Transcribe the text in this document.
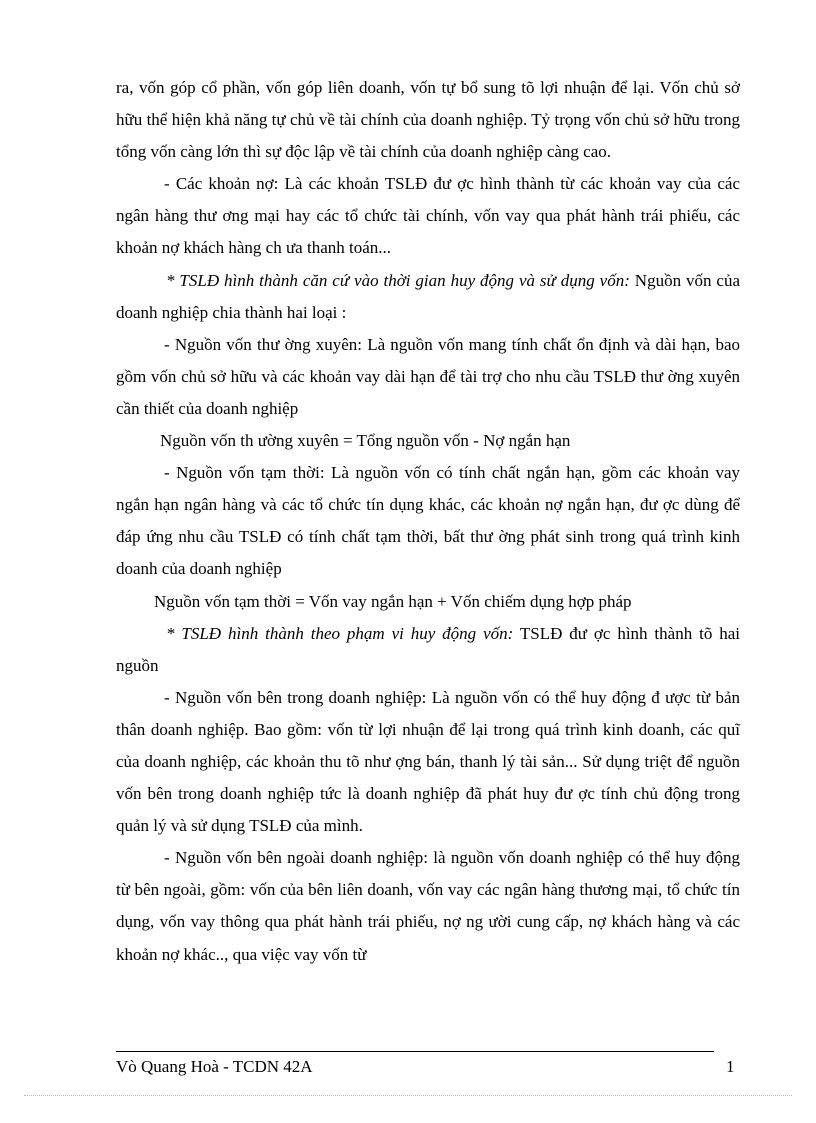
ra, vốn góp cổ phần, vốn góp liên doanh, vốn tự bổ sung tõ lợi nhuận để lại. Vốn chủ sở hữu thể hiện khả năng tự chủ về tài chính của doanh nghiệp. Tỷ trọng vốn chủ sở hữu trong tổng vốn càng lớn thì sự độc lập về tài chính của doanh nghiệp càng cao.

- Các khoản nợ: Là các khoản TSLĐ đư ợc hình thành từ các khoản vay của các ngân hàng thư ơng mại hay các tổ chức tài chính, vốn vay qua phát hành trái phiếu, các khoản nợ khách hàng ch ưa thanh toán...

* TSLĐ hình thành căn cứ vào thời gian huy động và sử dụng vốn: Nguồn vốn của doanh nghiệp chia thành hai loại :

- Nguồn vốn thư ờng xuyên: Là nguồn vốn mang tính chất ổn định và dài hạn, bao gồm vốn chủ sở hữu và các khoản vay dài hạn để tài trợ cho nhu cầu TSLĐ thư ờng xuyên cần thiết của doanh nghiệp

Nguồn vốn th ường xuyên = Tổng nguồn vốn - Nợ ngắn hạn

- Nguồn vốn tạm thời: Là nguồn vốn có tính chất ngắn hạn, gồm các khoản vay ngắn hạn ngân hàng và các tổ chức tín dụng khác, các khoản nợ ngắn hạn, đư ợc dùng để đáp ứng nhu cầu TSLĐ có tính chất tạm thời, bất thư ờng phát sinh trong quá trình kinh doanh của doanh nghiệp

Nguồn vốn tạm thời = Vốn vay ngắn hạn + Vốn chiếm dụng hợp pháp

* TSLĐ hình thành theo phạm vi huy động vốn: TSLĐ đư ợc hình thành tõ hai nguồn

- Nguồn vốn bên trong doanh nghiệp: Là nguồn vốn có thể huy động đ ược từ bản thân doanh nghiệp. Bao gồm: vốn từ lợi nhuận để lại trong quá trình kinh doanh, các quĩ của doanh nghiệp, các khoản thu tõ như ợng bán, thanh lý tài sản... Sử dụng triệt để nguồn vốn bên trong doanh nghiệp tức là doanh nghiệp đã phát huy đư ợc tính chủ động trong quản lý và sử dụng TSLĐ của mình.

- Nguồn vốn bên ngoài doanh nghiệp: là nguồn vốn doanh nghiệp có thể huy động từ bên ngoài, gồm: vốn của bên liên doanh, vốn vay các ngân hàng thương mại, tổ chức tín dụng, vốn vay thông qua phát hành trái phiếu, nợ ng ười cung cấp, nợ khách hàng và các khoản nợ khác.., qua việc vay vốn từ

Vò Quang Hoà - TCDN 42A	1
